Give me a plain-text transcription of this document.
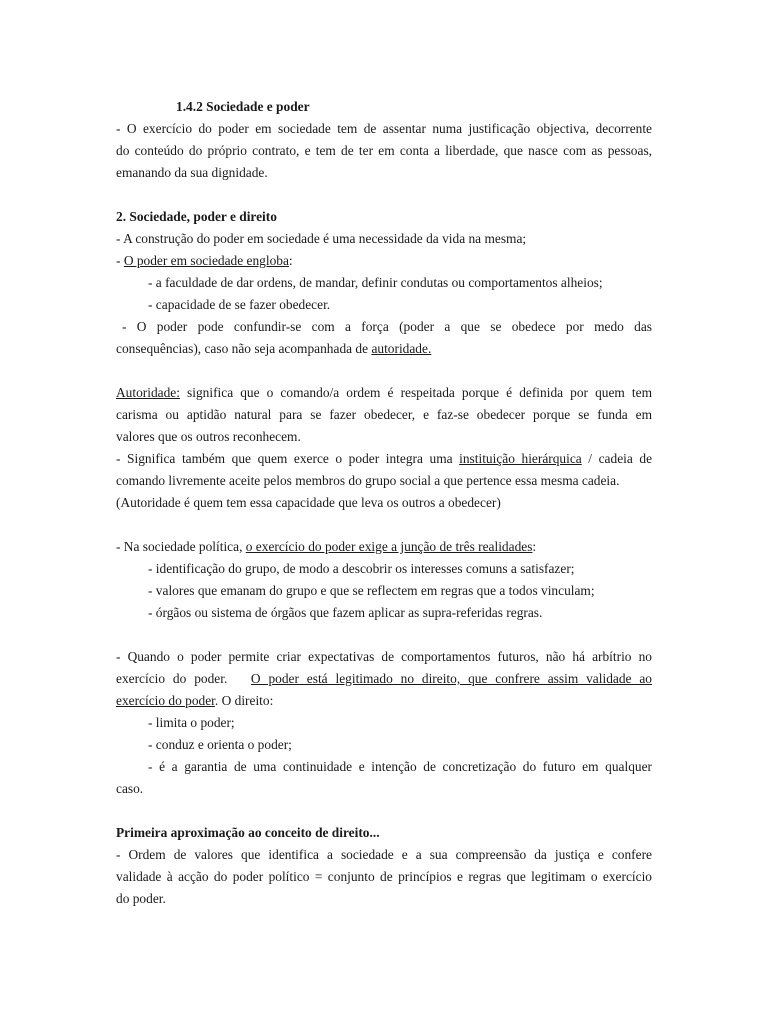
1.4.2 Sociedade e poder
- O exercício do poder em sociedade tem de assentar numa justificação objectiva, decorrente
do conteúdo do próprio contrato, e tem de ter em conta a liberdade, que nasce com as pessoas,
emanando da sua dignidade.
2. Sociedade, poder e direito
- A construção do poder em sociedade é uma necessidade da vida na mesma;
- O poder em sociedade engloba:
- a faculdade de dar ordens, de mandar, definir condutas ou comportamentos alheios;
- capacidade de se fazer obedecer.
- O poder pode confundir-se com a força (poder a que se obedece por medo das
consequências), caso não seja acompanhada de autoridade.
Autoridade: significa que o comando/a ordem é respeitada porque é definida por quem tem
carisma ou aptidão natural para se fazer obedecer, e faz-se obedecer porque se funda em
valores que os outros reconhecem.
- Significa também que quem exerce o poder integra uma instituição hierárquica / cadeia de
comando livremente aceite pelos membros do grupo social a que pertence essa mesma cadeia.
(Autoridade é quem tem essa capacidade que leva os outros a obedecer)
- Na sociedade política, o exercício do poder exige a junção de três realidades:
- identificação do grupo, de modo a descobrir os interesses comuns a satisfazer;
- valores que emanam do grupo e que se reflectem em regras que a todos vinculam;
- órgãos ou sistema de órgãos que fazem aplicar as supra-referidas regras.
- Quando o poder permite criar expectativas de comportamentos futuros, não há arbítrio no
exercício do poder.   O poder está legitimado no direito, que confrere assim validade ao
exercício do poder. O direito:
- limita o poder;
- conduz e orienta o poder;
- é a garantia de uma continuidade e intenção de concretização do futuro em qualquer
caso.
Primeira aproximação ao conceito de direito...
- Ordem de valores que identifica a sociedade e a sua compreensão da justiça e confere
validade à acção do poder político = conjunto de princípios e regras que legitimam o exercício
do poder.
